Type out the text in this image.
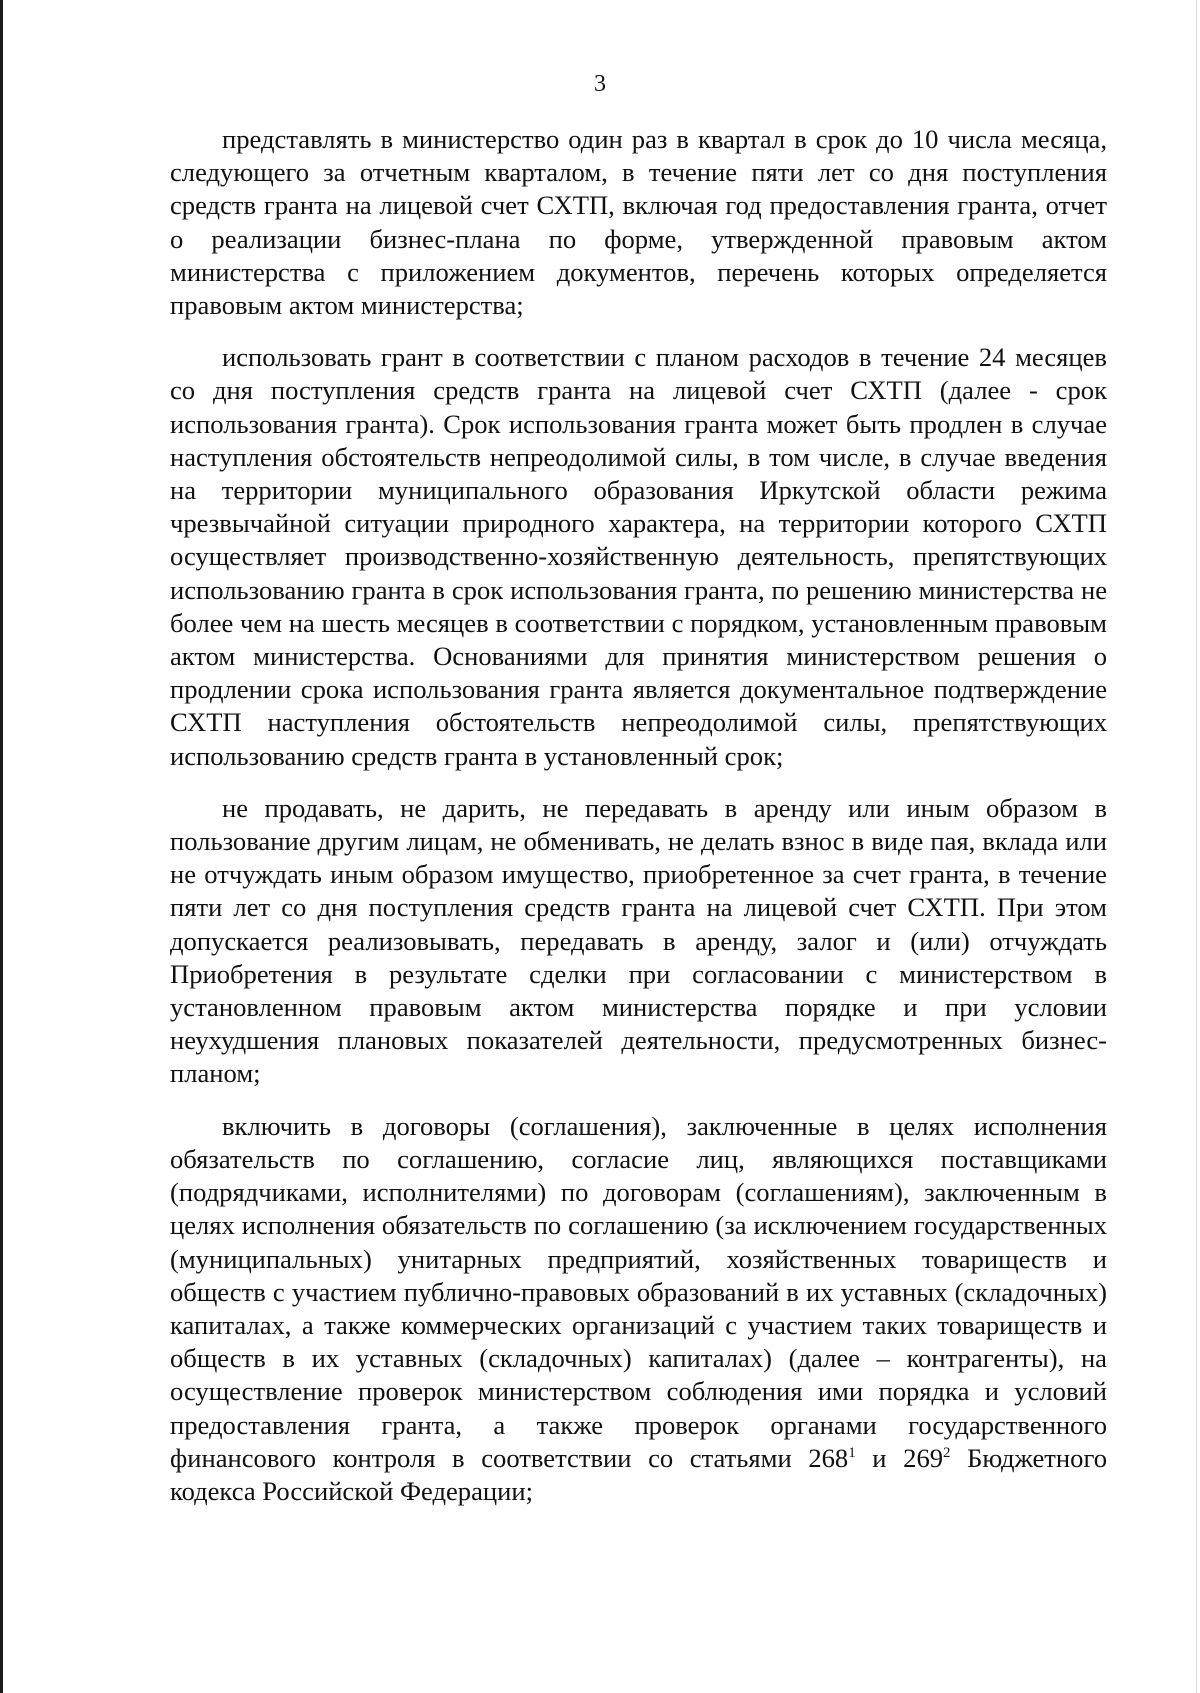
3

представлять в министерство один раз в квартал в срок до 10 числа месяца, следующего за отчетным кварталом, в течение пяти лет со дня поступления средств гранта на лицевой счет СХТП, включая год предоставления гранта, отчет о реализации бизнес-плана по форме, утвержденной правовым актом министерства с приложением документов, перечень которых определяется правовым актом министерства;

использовать грант в соответствии с планом расходов в течение 24 месяцев со дня поступления средств гранта на лицевой счет СХТП (далее - срок использования гранта). Срок использования гранта может быть продлен в случае наступления обстоятельств непреодолимой силы, в том числе, в случае введения на территории муниципального образования Иркутской области режима чрезвычайной ситуации природного характера, на территории которого СХТП осуществляет производственно-хозяйственную деятельность, препятствующих использованию гранта в срок использования гранта, по решению министерства не более чем на шесть месяцев в соответствии с порядком, установленным правовым актом министерства. Основаниями для принятия министерством решения о продлении срока использования гранта является документальное подтверждение СХТП наступления обстоятельств непреодолимой силы, препятствующих использованию средств гранта в установленный срок;

не продавать, не дарить, не передавать в аренду или иным образом в пользование другим лицам, не обменивать, не делать взнос в виде пая, вклада или не отчуждать иным образом имущество, приобретенное за счет гранта, в течение пяти лет со дня поступления средств гранта на лицевой счет СХТП. При этом допускается реализовывать, передавать в аренду, залог и (или) отчуждать Приобретения в результате сделки при согласовании с министерством в установленном правовым актом министерства порядке и при условии неухудшения плановых показателей деятельности, предусмотренных бизнес-планом;

включить в договоры (соглашения), заключенные в целях исполнения обязательств по соглашению, согласие лиц, являющихся поставщиками (подрядчиками, исполнителями) по договорам (соглашениям), заключенным в целях исполнения обязательств по соглашению (за исключением государственных (муниципальных) унитарных предприятий, хозяйственных товариществ и обществ с участием публично-правовых образований в их уставных (складочных) капиталах, а также коммерческих организаций с участием таких товариществ и обществ в их уставных (складочных) капиталах) (далее – контрагенты), на осуществление проверок министерством соблюдения ими порядка и условий предоставления гранта, а также проверок органами государственного финансового контроля в соответствии со статьями $268^1$ и $269^2$ Бюджетного кодекса Российской Федерации;
